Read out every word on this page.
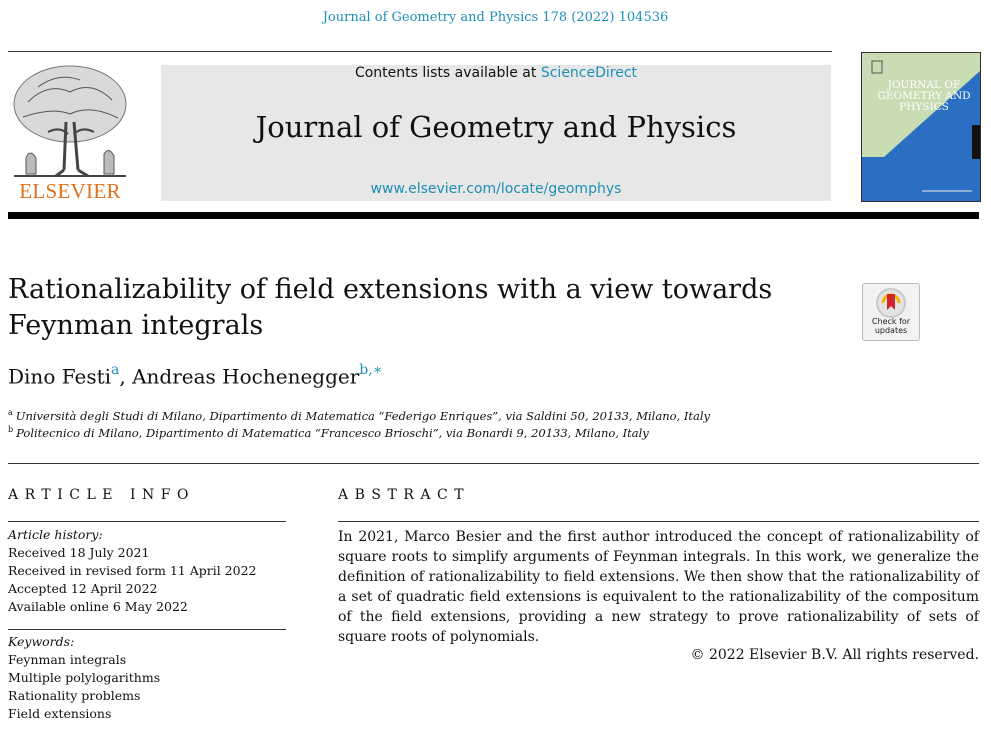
Journal of Geometry and Physics 178 (2022) 104536
ELSEVIER
Contents lists available at ScienceDirect
Journal of Geometry and Physics
www.elsevier.com/locate/geomphys
JOURNAL OF GEOMETRY AND PHYSICS
Rationalizability of field extensions with a view towards
Feynman integrals	Check for
updates
Dino Festi$^a$, Andreas Hochenegger$^{b,∗}$
$^a$ Università degli Studi di Milano, Dipartimento di Matematica “Federigo Enriques”, via Saldini 50, 20133, Milano, Italy
$^b$ Politecnico di Milano, Dipartimento di Matematica “Francesco Brioschi”, via Bonardi 9, 20133, Milano, Italy
ARTICLE INFO
Article history:
Received 18 July 2021
Received in revised form 11 April 2022
Accepted 12 April 2022
Available online 6 May 2022
Keywords:
Feynman integrals
Multiple polylogarithms
Rationality problems
Field extensions
ABSTRACT
In 2021, Marco Besier and the first author introduced the concept of rationalizability of square roots to simplify arguments of Feynman integrals. In this work, we generalize the definition of rationalizability to field extensions. We then show that the rationalizability of a set of quadratic field extensions is equivalent to the rationalizability of the compositum of the field extensions, providing a new strategy to prove rationalizability of sets of square roots of polynomials.
© 2022 Elsevier B.V. All rights reserved.
